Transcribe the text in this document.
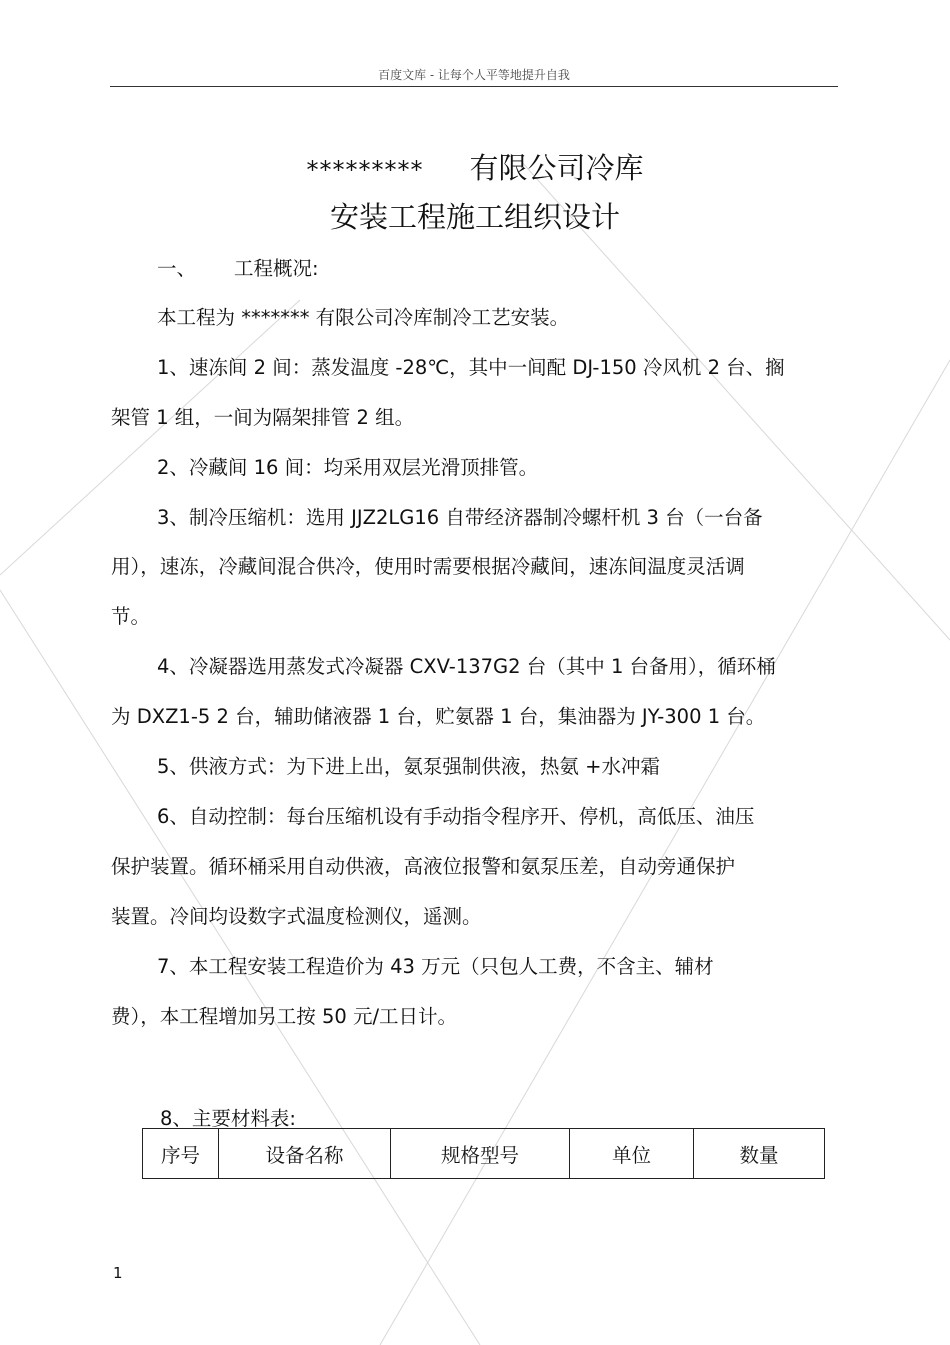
百度文库 - 让每个人平等地提升自我
********* 有限公司冷库
安装工程施工组织设计
一、 工程概况:
本工程为 ******* 有限公司冷库制冷工艺安装。
1、速冻间 2 间：蒸发温度 -28℃，其中一间配 DJ-150 冷风机 2 台、搁
架管 1 组，一间为隔架排管 2 组。
2、冷藏间 16 间：均采用双层光滑顶排管。
3、制冷压缩机：选用 JJZ2LG16 自带经济器制冷螺杆机 3 台（一台备
用），速冻，冷藏间混合供冷，使用时需要根据冷藏间，速冻间温度灵活调
节。
4、冷凝器选用蒸发式冷凝器 CXV-137G2 台（其中 1 台备用），循环桶
为 DXZ1-5 2 台，辅助储液器 1 台，贮氨器 1 台，集油器为 JY-300 1 台。
5、供液方式：为下进上出，氨泵强制供液，热氨 +水冲霜
6、自动控制：每台压缩机设有手动指令程序开、停机，高低压、油压
保护装置。循环桶采用自动供液，高液位报警和氨泵压差，自动旁通保护
装置。冷间均设数字式温度检测仪，遥测。
7、本工程安装工程造价为 43 万元（只包人工费，不含主、辅材
费），本工程增加另工按 50 元/工日计。
8、主要材料表:
序号	设备名称	规格型号	单位	数量
1
